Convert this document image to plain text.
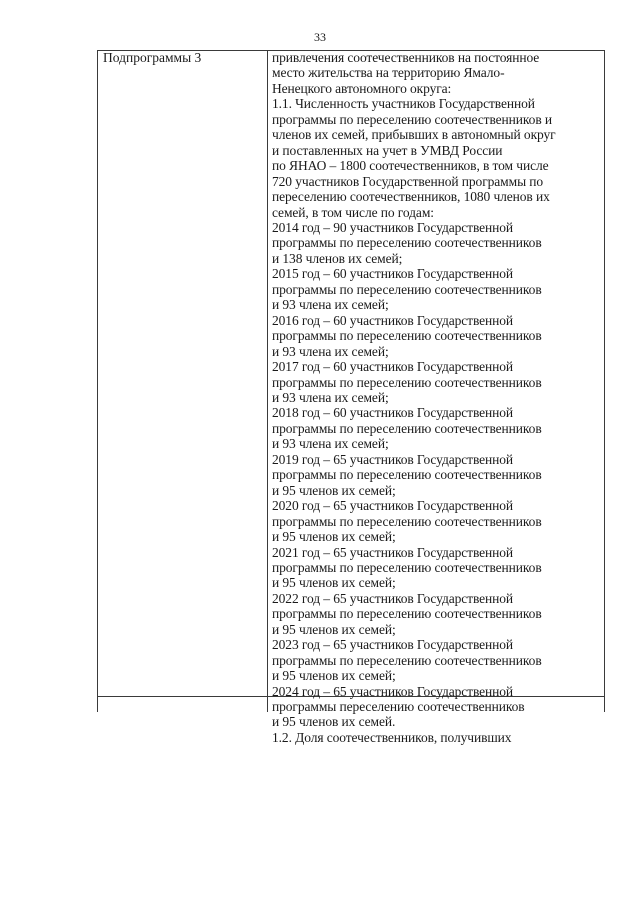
33
Подпрограммы 3	привлечения соотечественников на постоянное
место жительства на территорию Ямало-
Ненецкого автономного округа:
1.1. Численность участников Государственной
программы по переселению соотечественников и
членов их семей, прибывших в автономный округ
и поставленных на учет в УМВД России
по ЯНАО – 1800 соотечественников, в том числе
720 участников Государственной программы по
переселению соотечественников, 1080 членов их
семей, в том числе по годам:
2014 год – 90 участников Государственной
программы по переселению соотечественников
и 138 членов их семей;
2015 год – 60 участников Государственной
программы по переселению соотечественников
и 93 члена их семей;
2016 год – 60 участников Государственной
программы по переселению соотечественников
и 93 члена их семей;
2017 год – 60 участников Государственной
программы по переселению соотечественников
и 93 члена их семей;
2018 год – 60 участников Государственной
программы по переселению соотечественников
и 93 члена их семей;
2019 год – 65 участников Государственной
программы по переселению соотечественников
и 95 членов их семей;
2020 год – 65 участников Государственной
программы по переселению соотечественников
и 95 членов их семей;
2021 год – 65 участников Государственной
программы по переселению соотечественников
и 95 членов их семей;
2022 год – 65 участников Государственной
программы по переселению соотечественников
и 95 членов их семей;
2023 год – 65 участников Государственной
программы по переселению соотечественников
и 95 членов их семей;
2024 год – 65 участников Государственной
программы переселению соотечественников
и 95 членов их семей.
1.2. Доля соотечественников, получивших
